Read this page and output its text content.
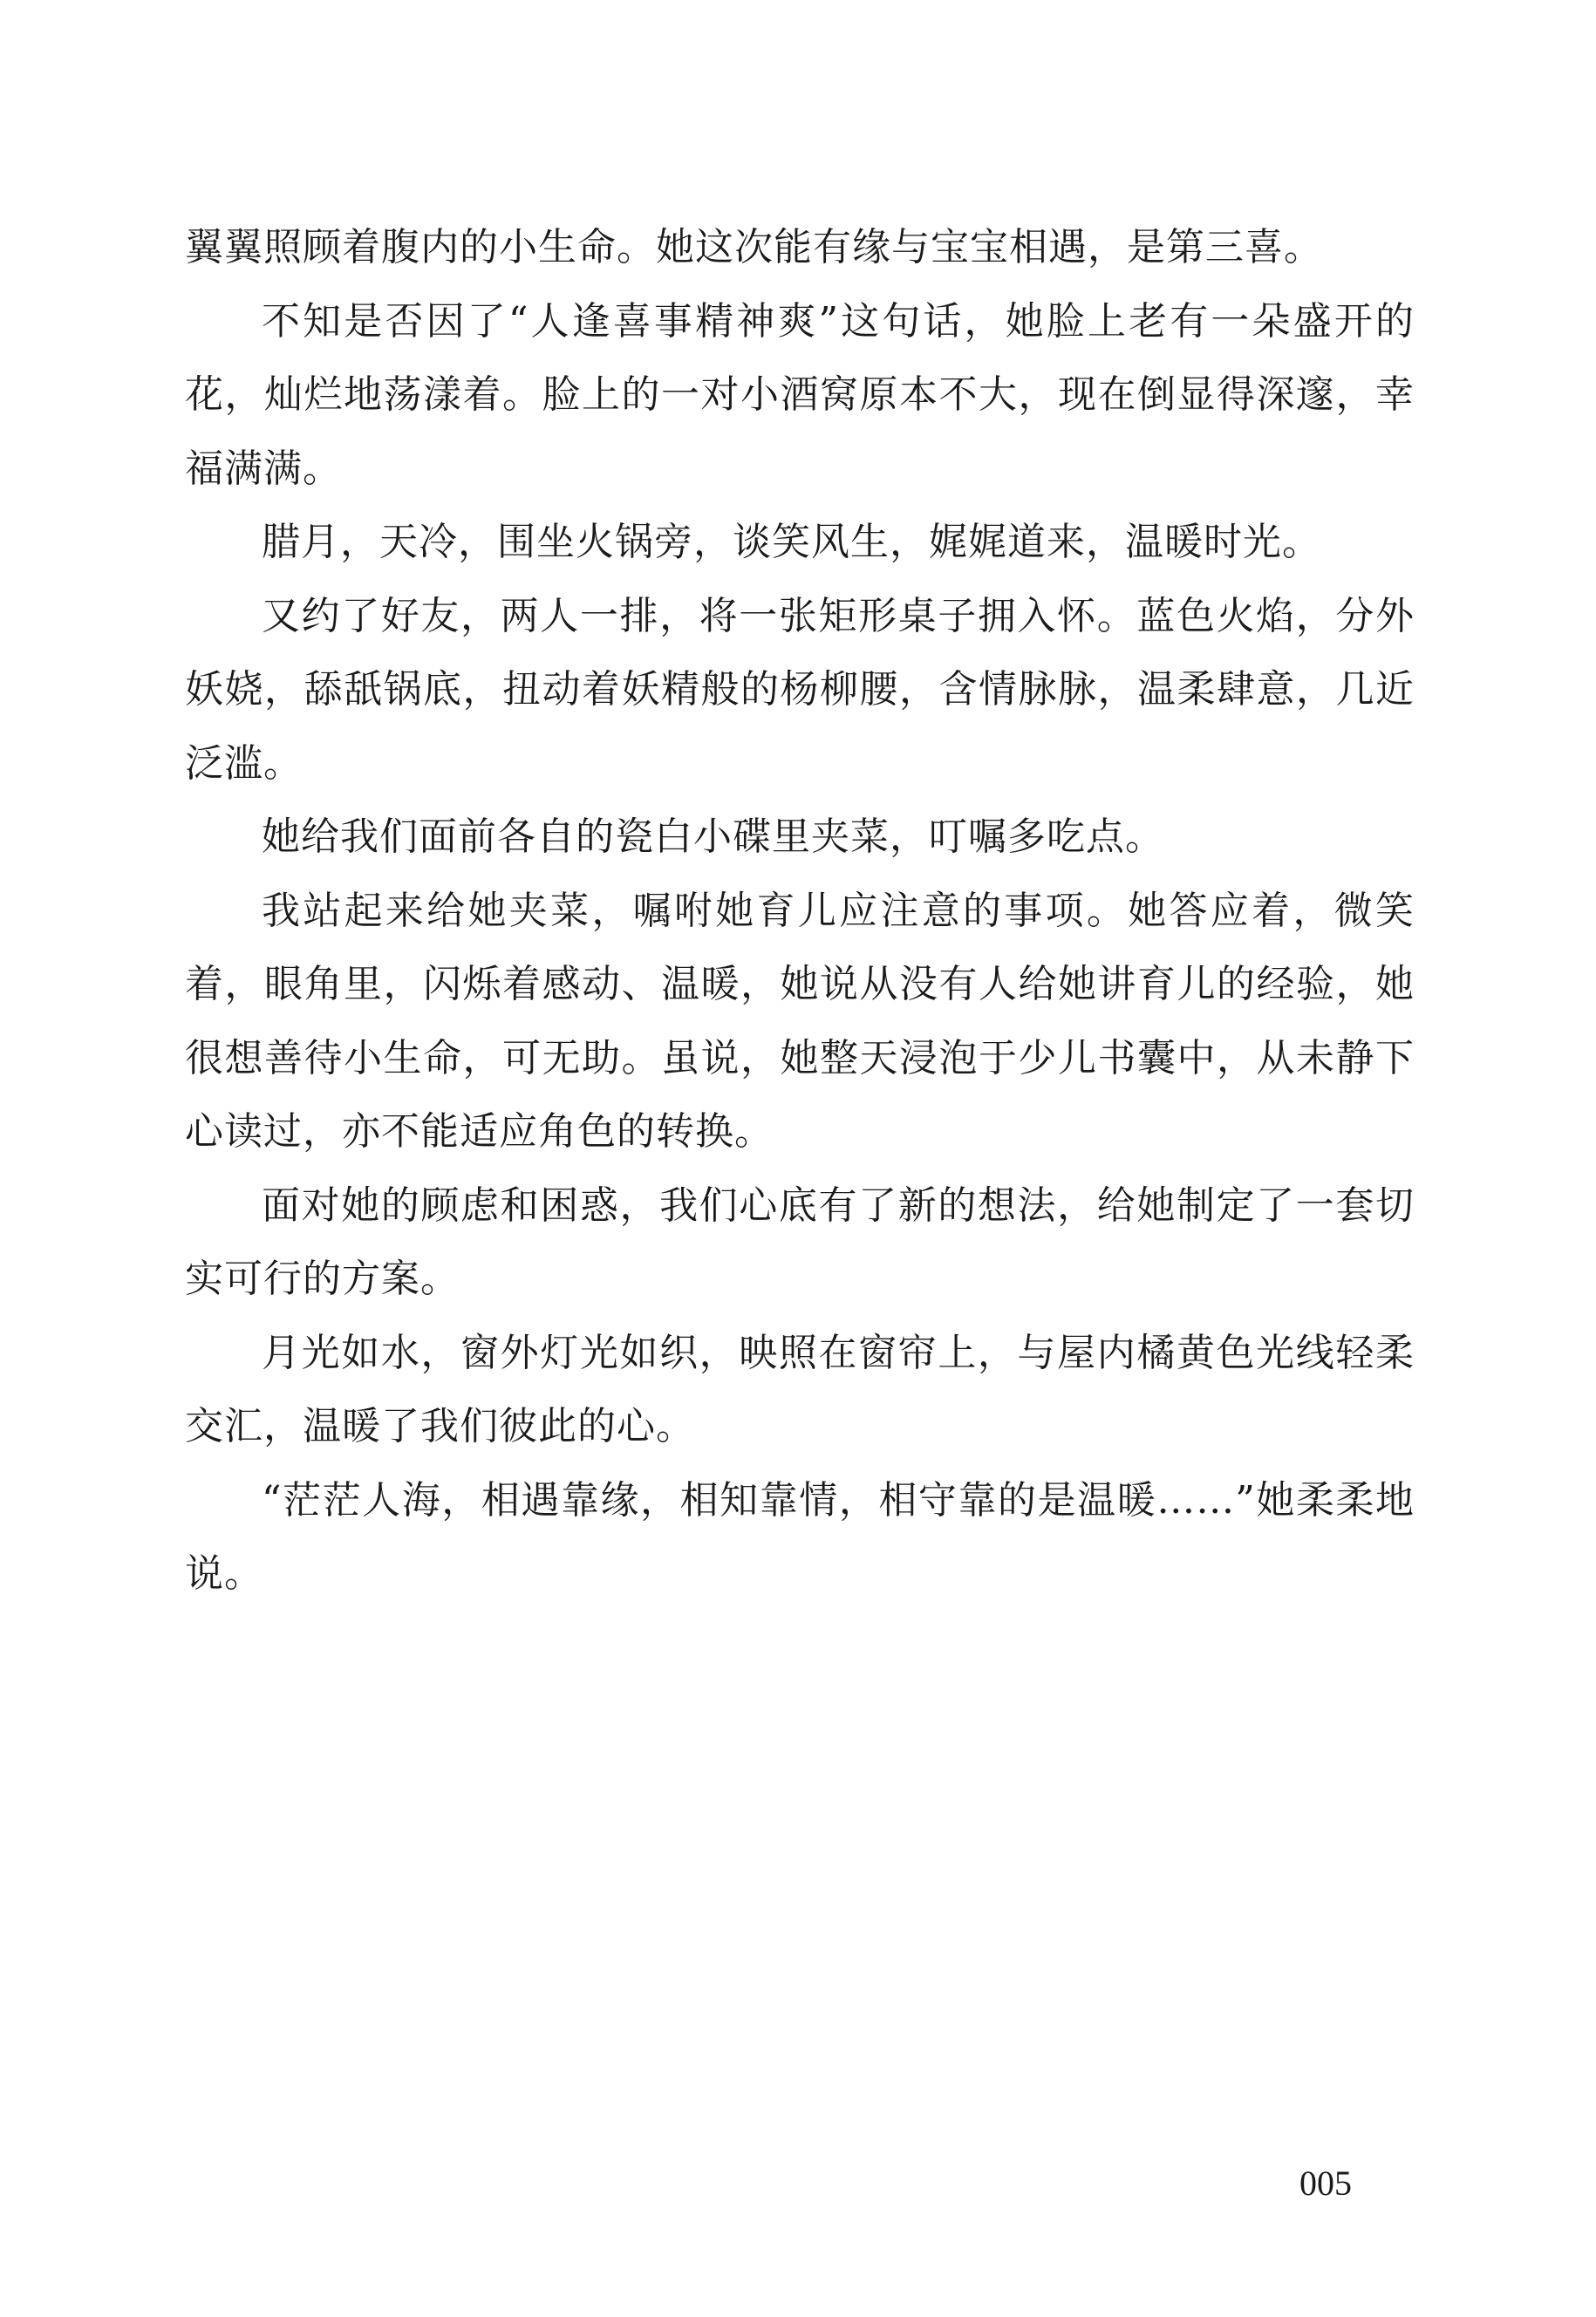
翼翼照顾着腹内的小生命。她这次能有缘与宝宝相遇，是第三喜。

不知是否因了“人逢喜事精神爽”这句话，她脸上老有一朵盛开的花，灿烂地荡漾着。脸上的一对小酒窝原本不大，现在倒显得深邃，幸福满满。

腊月，天冷，围坐火锅旁，谈笑风生，娓娓道来，温暖时光。

又约了好友，两人一排，将一张矩形桌子拥入怀。蓝色火焰，分外妖娆，舔舐锅底，扭动着妖精般的杨柳腰，含情脉脉，温柔肆意，几近泛滥。

她给我们面前各自的瓷白小碟里夹菜，叮嘱多吃点。

我站起来给她夹菜，嘱咐她育儿应注意的事项。她答应着，微笑着，眼角里，闪烁着感动、温暖，她说从没有人给她讲育儿的经验，她很想善待小生命，可无助。虽说，她整天浸泡于少儿书囊中，从未静下心读过，亦不能适应角色的转换。

面对她的顾虑和困惑，我们心底有了新的想法，给她制定了一套切实可行的方案。

月光如水，窗外灯光如织，映照在窗帘上，与屋内橘黄色光线轻柔交汇，温暖了我们彼此的心。

“茫茫人海，相遇靠缘，相知靠情，相守靠的是温暖……”她柔柔地说。

005
